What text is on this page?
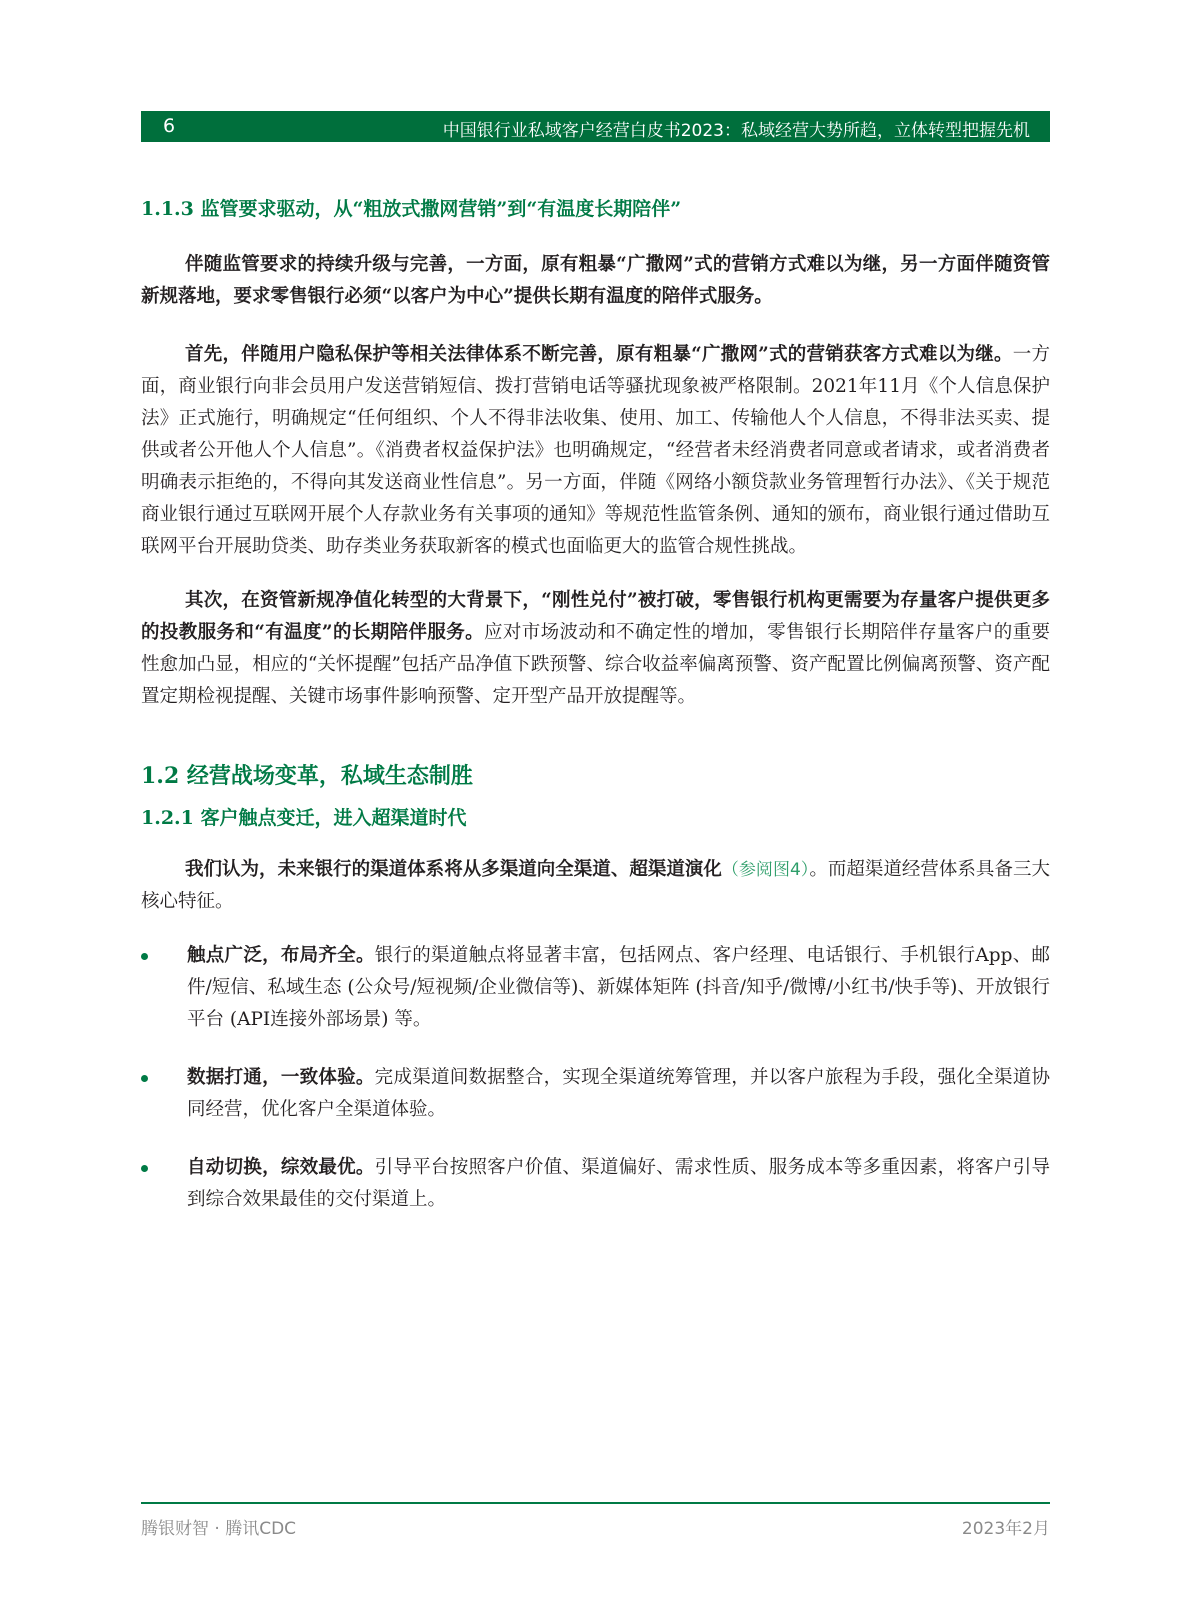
6	中国银行业私域客户经营白皮书2023：私域经营大势所趋，立体转型把握先机
1.1.3 监管要求驱动，从“粗放式撒网营销”到“有温度长期陪伴”

伴随监管要求的持续升级与完善，一方面，原有粗暴“广撒网”式的营销方式难以为继，另一方面伴随资管新规落地，要求零售银行必须“以客户为中心”提供长期有温度的陪伴式服务。

首先，伴随用户隐私保护等相关法律体系不断完善，原有粗暴“广撒网”式的营销获客方式难以为继。一方面，商业银行向非会员用户发送营销短信、拨打营销电话等骚扰现象被严格限制。2021年11月《个人信息保护法》正式施行，明确规定“任何组织、个人不得非法收集、使用、加工、传输他人个人信息，不得非法买卖、提供或者公开他人个人信息”。《消费者权益保护法》也明确规定，“经营者未经消费者同意或者请求，或者消费者明确表示拒绝的，不得向其发送商业性信息”。另一方面，伴随《网络小额贷款业务管理暂行办法》、《关于规范商业银行通过互联网开展个人存款业务有关事项的通知》等规范性监管条例、通知的颁布，商业银行通过借助互联网平台开展助贷类、助存类业务获取新客的模式也面临更大的监管合规性挑战。

其次，在资管新规净值化转型的大背景下，“刚性兑付”被打破，零售银行机构更需要为存量客户提供更多的投教服务和“有温度”的长期陪伴服务。应对市场波动和不确定性的增加，零售银行长期陪伴存量客户的重要性愈加凸显，相应的“关怀提醒”包括产品净值下跌预警、综合收益率偏离预警、资产配置比例偏离预警、资产配置定期检视提醒、关键市场事件影响预警、定开型产品开放提醒等。

1.2 经营战场变革，私域生态制胜
1.2.1 客户触点变迁，进入超渠道时代

我们认为，未来银行的渠道体系将从多渠道向全渠道、超渠道演化（参阅图4）。而超渠道经营体系具备三大核心特征。

触点广泛，布局齐全。银行的渠道触点将显著丰富，包括网点、客户经理、电话银行、手机银行App、邮件/短信、私域生态 (公众号/短视频/企业微信等)、新媒体矩阵 (抖音/知乎/微博/小红书/快手等)、开放银行平台 (API连接外部场景) 等。
数据打通，一致体验。完成渠道间数据整合，实现全渠道统筹管理，并以客户旅程为手段，强化全渠道协同经营，优化客户全渠道体验。
自动切换，综效最优。引导平台按照客户价值、渠道偏好、需求性质、服务成本等多重因素，将客户引导到综合效果最佳的交付渠道上。
腾银财智 · 腾讯CDC	2023年2月
